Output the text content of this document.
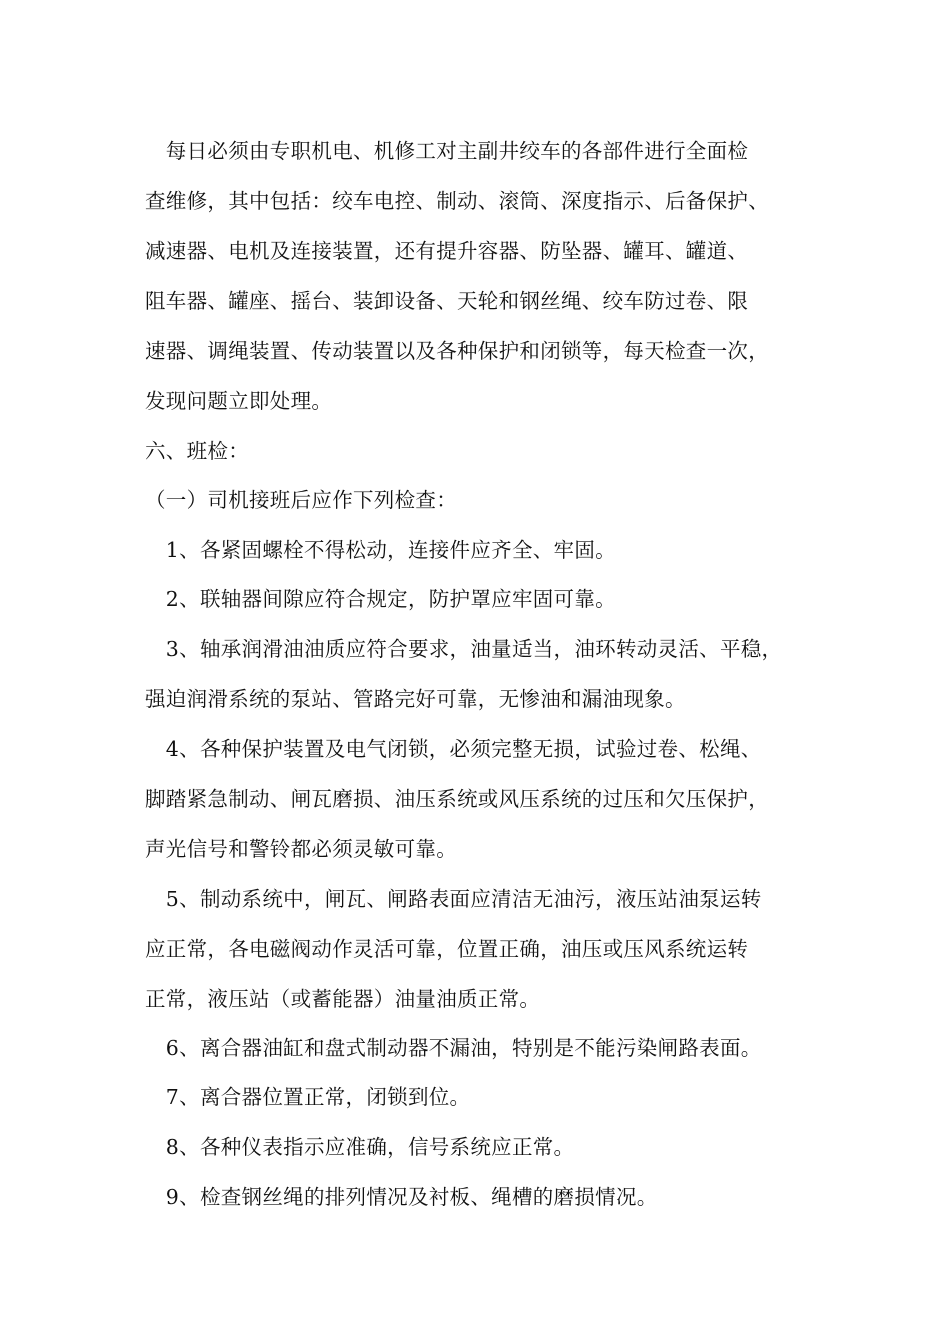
　每日必须由专职机电、机修工对主副井绞车的各部件进行全面检
查维修，其中包括：绞车电控、制动、滚筒、深度指示、后备保护、
减速器、电机及连接装置，还有提升容器、防坠器、罐耳、罐道、
阻车器、罐座、摇台、装卸设备、天轮和钢丝绳、绞车防过卷、限
速器、调绳装置、传动装置以及各种保护和闭锁等，每天检查一次，
发现问题立即处理。
六、班检：
（一）司机接班后应作下列检查：
　1、各紧固螺栓不得松动，连接件应齐全、牢固。
　2、联轴器间隙应符合规定，防护罩应牢固可靠。
　3、轴承润滑油油质应符合要求，油量适当，油环转动灵活、平稳，
强迫润滑系统的泵站、管路完好可靠，无惨油和漏油现象。
　4、各种保护装置及电气闭锁，必须完整无损，试验过卷、松绳、
脚踏紧急制动、闸瓦磨损、油压系统或风压系统的过压和欠压保护，
声光信号和警铃都必须灵敏可靠。
　5、制动系统中，闸瓦、闸路表面应清洁无油污，液压站油泵运转
应正常，各电磁阀动作灵活可靠，位置正确，油压或压风系统运转
正常，液压站（或蓄能器）油量油质正常。
　6、离合器油缸和盘式制动器不漏油，特别是不能污染闸路表面。
　7、离合器位置正常，闭锁到位。
　8、各种仪表指示应准确，信号系统应正常。
　9、检查钢丝绳的排列情况及衬板、绳槽的磨损情况。
